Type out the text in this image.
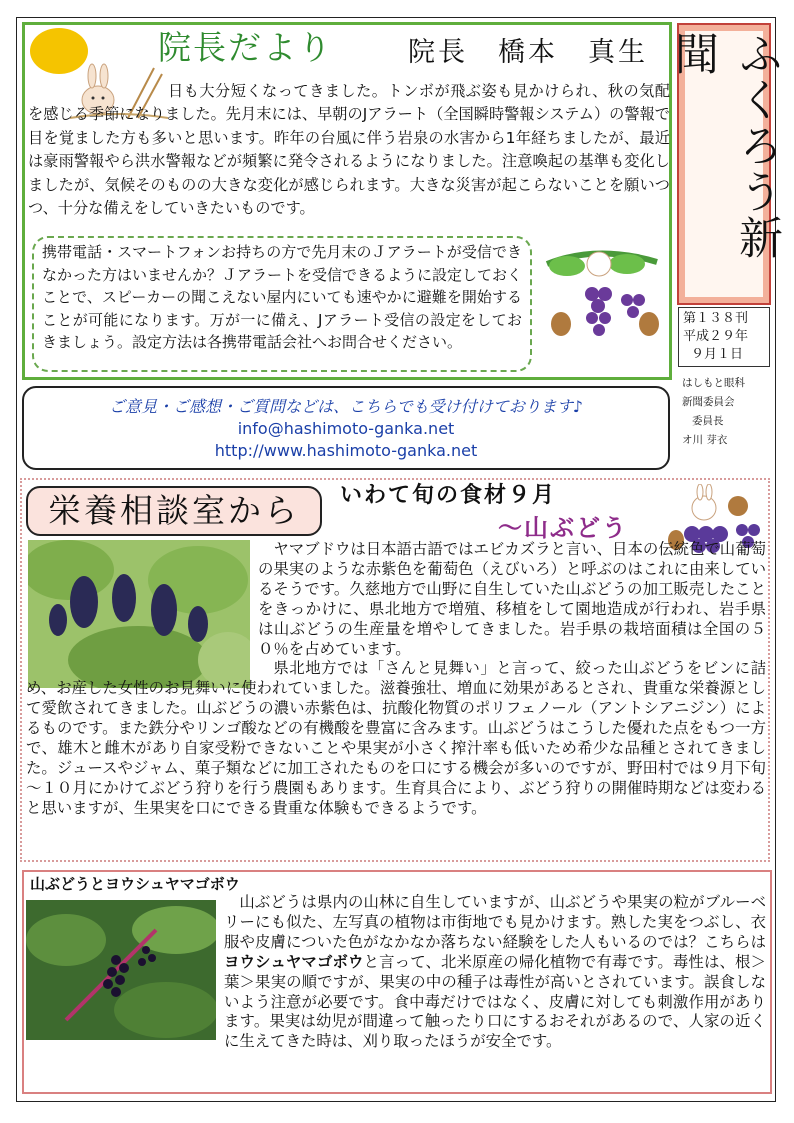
院長だより	院長　橋本　真生
日も大分短くなってきました。トンボが飛ぶ姿も見かけられ、秋の気配を感じる季節になりました。先月末には、早朝のJアラート（全国瞬時警報システム）の警報で目を覚ました方も多いと思います。昨年の台風に伴う岩泉の水害から1年経ちましたが、最近は豪雨警報やら洪水警報などが頻繁に発令されるようになりました。注意喚起の基準も変化しましたが、気候そのものの大きな変化が感じられます。大きな災害が起こらないことを願いつつ、十分な備えをしていきたいものです。
携帯電話・スマートフォンお持ちの方で先月末のＪアラートが受信できなかった方はいませんか？Ｊアラートを受信できるように設定しておくことで、スピーカーの聞こえない屋内にいても速やかに避難を開始することが可能になります。万が一に備え、Jアラート受信の設定をしておきましょう。設定方法は各携帯電話会社へお問合せください。
ふくろう新聞
第１３８刊
平成２９年
９月１日
はしもと眼科
新聞委員会
委員長
オ川 芽衣
ご意見・ご感想・ご質問などは、こちらでも受け付けております♪
info@hashimoto-ganka.net
http://www.hashimoto-ganka.net
栄養相談室から	いわて旬の食材９月
～山ぶどう

ヤマブドウは日本語古語ではエビカズラと言い、日本の伝統色で山葡萄の果実のような赤紫色を葡萄色（えびいろ）と呼ぶのはこれに由来しているそうです。久慈地方で山野に自生していた山ぶどうの加工販売したことをきっかけに、県北地方で増殖、移植をして園地造成が行われ、岩手県は山ぶどうの生産量を増やしてきました。岩手県の栽培面積は全国の５０％を占めています。

県北地方では「さんと見舞い」と言って、絞った山ぶどうをビンに詰め、お産した女性のお見舞いに使われていました。滋養強壮、増血に効果があるとされ、貴重な栄養源として愛飲されてきました。山ぶどうの濃い赤紫色は、抗酸化物質のポリフェノール（アントシアニジン）によるものです。また鉄分やリンゴ酸などの有機酸を豊富に含みます。山ぶどうはこうした優れた点をもつ一方で、雄木と雌木があり自家受粉できないことや果実が小さく搾汁率も低いため希少な品種とされてきました。ジュースやジャム、菓子類などに加工されたものを口にする機会が多いのですが、野田村では９月下旬～１０月にかけてぶどう狩りを行う農園もあります。生育具合により、ぶどう狩りの開催時期などは変わると思いますが、生果実を口にできる貴重な体験もできるようです。

山ぶどうとヨウシュヤマゴボウ

山ぶどうは県内の山林に自生していますが、山ぶどうや果実の粒がブルーベリーにも似た、左写真の植物は市街地でも見かけます。熟した実をつぶし、衣服や皮膚についた色がなかなか落ちない経験をした人もいるのでは？こちらはヨウシュヤマゴボウと言って、北米原産の帰化植物で有毒です。毒性は、根＞葉＞果実の順ですが、果実の中の種子は毒性が高いとされています。誤食しないよう注意が必要です。食中毒だけではなく、皮膚に対しても刺激作用があります。果実は幼児が間違って触ったり口にするおそれがあるので、人家の近くに生えてきた時は、刈り取ったほうが安全です。
